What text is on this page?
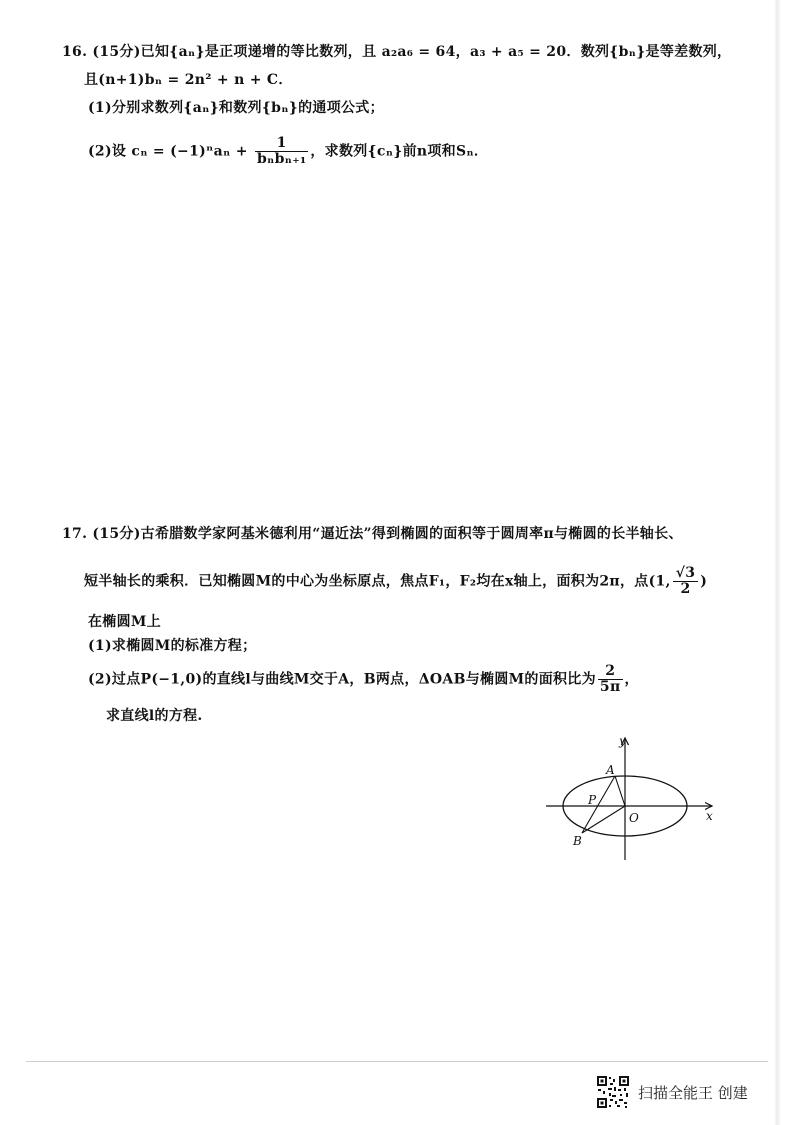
16. (15分)已知{aₙ}是正项递增的等比数列，且 a₂a₆ = 64，a₃ + a₅ = 20．数列{bₙ}是等差数列，
且(n+1)bₙ = 2n² + n + C．
(1)分别求数列{aₙ}和数列{bₙ}的通项公式；
(2)设 $c_n = (-1)^na_n + \frac{1}{\text{bₙbₙ₊₁}}$ ，求数列{cₙ}前n项和Sₙ．
17. (15分)古希腊数学家阿基米德利用“逼近法”得到椭圆的面积等于圆周率π与椭圆的长半轴长、
短半轴长的乘积．已知椭圆M的中心为坐标原点，焦点F₁，F₂均在x轴上，面积为2π，点(1, $\frac{√3}{2}$ )
在椭圆M上
(1)求椭圆M的标准方程；
(2)过点P(−1,0)的直线l与曲线M交于A，B两点，ΔOAB与椭圆M的面积比为 $\frac{2}{5\pi}$ ，
求直线l的方程.
y
x
A
B
P
O
扫描全能王 创建
